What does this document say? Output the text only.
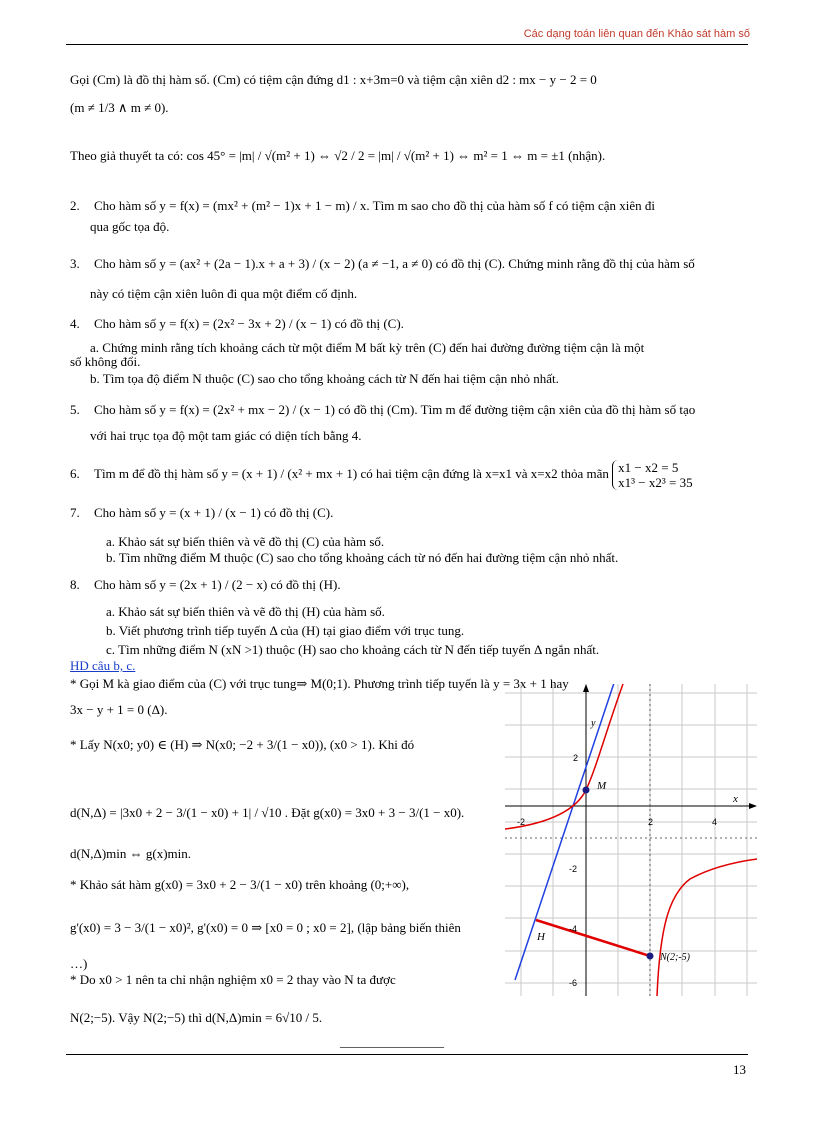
Các dạng toán liên quan đến Khảo sát hàm số
Gọi (Cm) là đồ thị hàm số. (Cm) có tiệm cận đứng d1 : x+3m=0 và tiệm cận xiên d2 : mx − y − 2 = 0
(m ≠ 1/3 ∧ m ≠ 0).
Theo giả thuyết ta có: cos 45° = |m| / √(m² + 1) ⇔ √2 / 2 = |m| / √(m² + 1) ⇔ m² = 1 ⇔ m = ±1 (nhận).
2. Cho hàm số y = f(x) = (mx² + (m² − 1)x + 1 − m) / x. Tìm m sao cho đồ thị của hàm số f có tiệm cận xiên đi
qua gốc tọa độ.
3. Cho hàm số y = (ax² + (2a − 1).x + a + 3) / (x − 2) (a ≠ −1, a ≠ 0) có đồ thị (C). Chứng minh rằng đồ thị của hàm số
này có tiệm cận xiên luôn đi qua một điểm cố định.
4. Cho hàm số y = f(x) = (2x² − 3x + 2) / (x − 1) có đồ thị (C).
a. Chứng minh rằng tích khoảng cách từ một điểm M bất kỳ trên (C) đến hai đường đường tiệm cận là một
số không đổi.
b. Tìm tọa độ điểm N thuộc (C) sao cho tổng khoảng cách từ N đến hai tiệm cận nhỏ nhất.
5. Cho hàm số y = f(x) = (2x² + mx − 2) / (x − 1) có đồ thị (Cm). Tìm m để đường tiệm cận xiên của đồ thị hàm số tạo
với hai trục tọa độ một tam giác có diện tích bằng 4.
6. Tìm m để đồ thị hàm số y = (x + 1) / (x² + mx + 1) có hai tiệm cận đứng là x=x1 và x=x2 thỏa mãn x1 − x2 = 5
x1³ − x2³ = 35
7. Cho hàm số y = (x + 1) / (x − 1) có đồ thị (C).
a. Khảo sát sự biến thiên và vẽ đồ thị (C) của hàm số.
b. Tìm những điểm M thuộc (C) sao cho tổng khoảng cách từ nó đến hai đường tiệm cận nhỏ nhất.
8. Cho hàm số y = (2x + 1) / (2 − x) có đồ thị (H).
a. Khảo sát sự biến thiên và vẽ đồ thị (H) của hàm số.
b. Viết phương trình tiếp tuyến Δ của (H) tại giao điểm với trục tung.
c. Tìm những điểm N (xN >1) thuộc (H) sao cho khoảng cách từ N đến tiếp tuyến Δ ngắn nhất.
HD câu b, c.
* Gọi M kà giao điểm của (C) với trục tung⇒ M(0;1). Phương trình tiếp tuyến là y = 3x + 1 hay
3x − y + 1 = 0 (Δ).
* Lấy N(x0; y0) ∈ (H) ⇒ N(x0; −2 + 3/(1 − x0)), (x0 > 1). Khi đó
d(N,Δ) = |3x0 + 2 − 3/(1 − x0) + 1| / √10 . Đặt g(x0) = 3x0 + 3 − 3/(1 − x0).
d(N,Δ)min ⇔ g(x)min.
* Khảo sát hàm g(x0) = 3x0 + 2 − 3/(1 − x0) trên khoảng (0;+∞),
g'(x0) = 3 − 3/(1 − x0)², g'(x0) = 0 ⇒ [x0 = 0 ; x0 = 2], (lập bảng biến thiên
…)
* Do x0 > 1 nên ta chỉ nhận nghiệm x0 = 2 thay vào N ta được
N(2;−5). Vậy N(2;−5) thì d(N,Δ)min = 6√10 / 5.
________________
y
x
-2	2	4
2
-2
-4
-6
M
H
N(2;-5)
13
